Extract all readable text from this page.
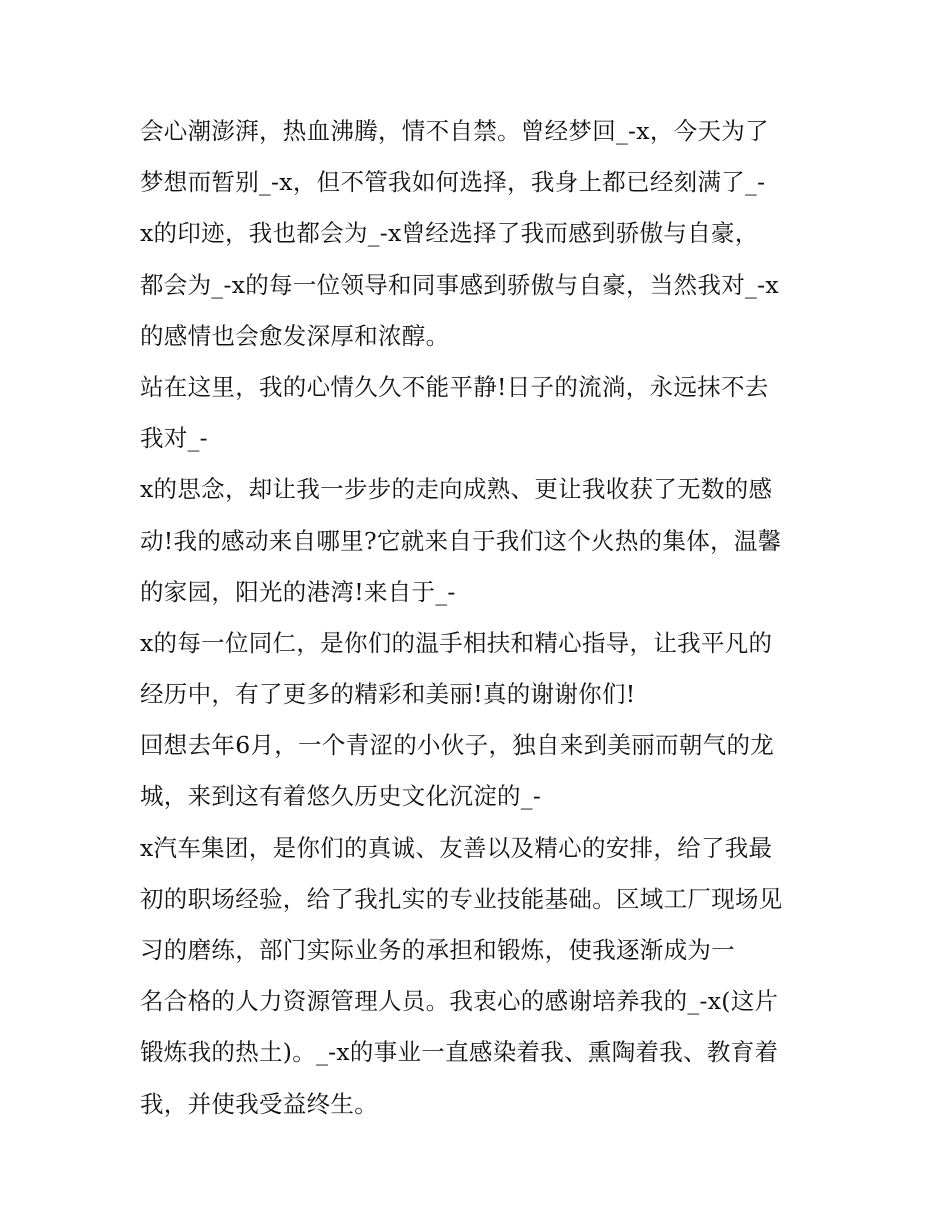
会心潮澎湃，热血沸腾，情不自禁。曾经梦回_-x，今天为了
梦想而暂别_-x，但不管我如何选择，我身上都已经刻满了_-
x的印迹，我也都会为_-x曾经选择了我而感到骄傲与自豪，
都会为_-x的每一位领导和同事感到骄傲与自豪，当然我对_-x
的感情也会愈发深厚和浓醇。
站在这里，我的心情久久不能平静!日子的流淌，永远抹不去
我对_-
x的思念，却让我一步步的走向成熟、更让我收获了无数的感
动!我的感动来自哪里?它就来自于我们这个火热的集体，温馨
的家园，阳光的港湾!来自于_-
x的每一位同仁，是你们的温手相扶和精心指导，让我平凡的
经历中，有了更多的精彩和美丽!真的谢谢你们!
回想去年6月，一个青涩的小伙子，独自来到美丽而朝气的龙
城，来到这有着悠久历史文化沉淀的_-
x汽车集团，是你们的真诚、友善以及精心的安排，给了我最
初的职场经验，给了我扎实的专业技能基础。区域工厂现场见
习的磨练，部门实际业务的承担和锻炼，使我逐渐成为一
名合格的人力资源管理人员。我衷心的感谢培养我的_-x(这片
锻炼我的热土)。_-x的事业一直感染着我、熏陶着我、教育着
我，并使我受益终生。
